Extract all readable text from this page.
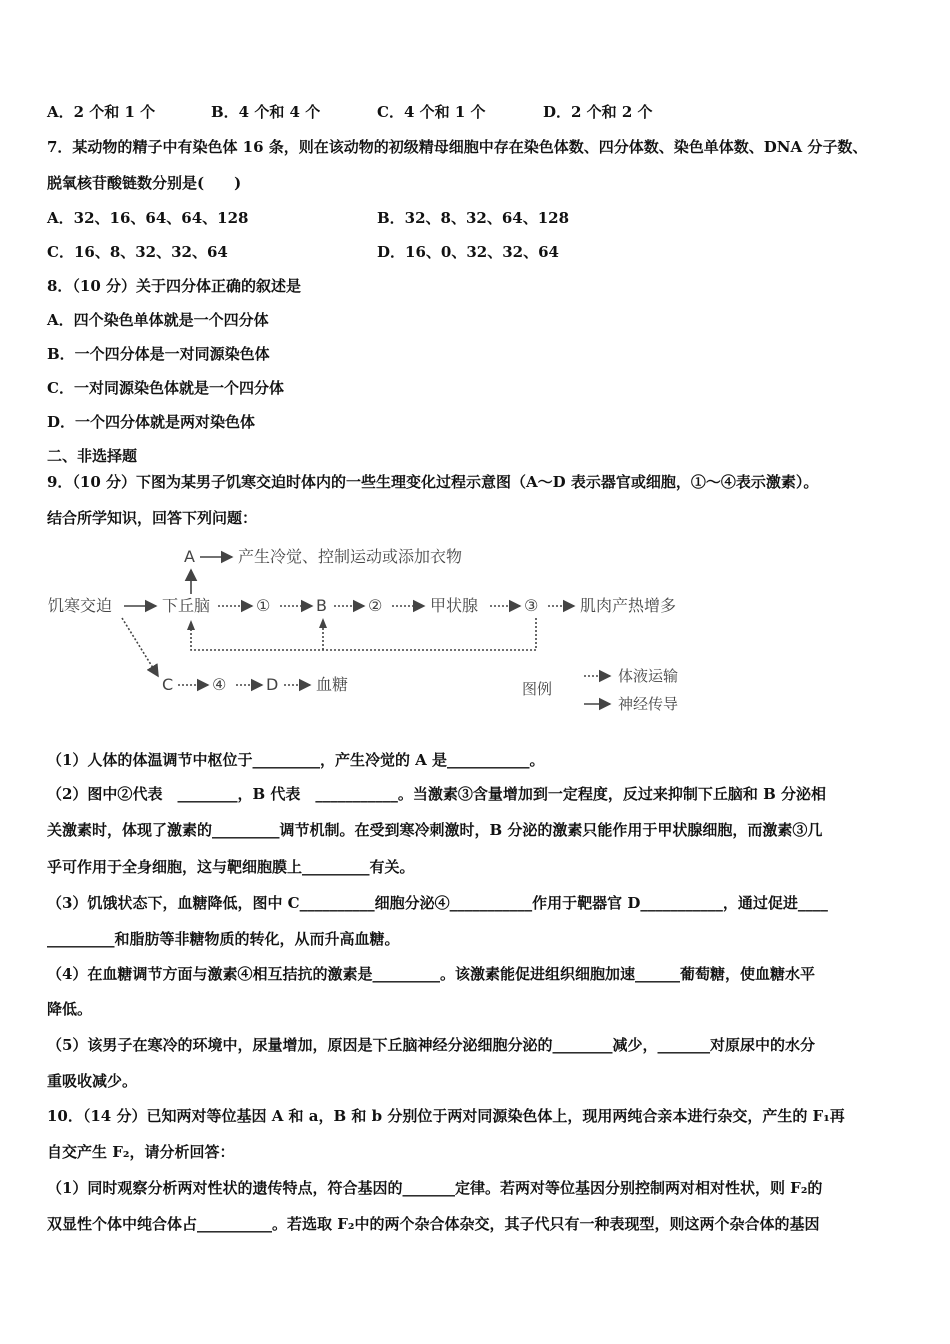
A．2 个和 1 个	B．4 个和 4 个	C．4 个和 1 个	D．2 个和 2 个
7．某动物的精子中有染色体 16 条，则在该动物的初级精母细胞中存在染色体数、四分体数、染色单体数、DNA 分子数、
脱氧核苷酸链数分别是(　　)
A．32、16、64、64、128	B．32、8、32、64、128
C．16、8、32、32、64	D．16、0、32、32、64
8．（10 分）关于四分体正确的叙述是
A．四个染色单体就是一个四分体
B．一个四分体是一对同源染色体
C．一对同源染色体就是一个四分体
D．一个四分体就是两对染色体
二、非选择题
9．（10 分）下图为某男子饥寒交迫时体内的一些生理变化过程示意图（A～D 表示器官或细胞，①～④表示激素）。
结合所学知识，回答下列问题：
A	产生冷觉、控制运动或添加衣物
饥寒交迫	下丘脑	①	B	②	甲状腺	③	肌肉产热增多
C ④ D 血糖	图例
体液运输
神经传导
（1）人体的体温调节中枢位于_________，产生冷觉的 A 是___________。
（2）图中②代表　________，B 代表　___________。当激素③含量增加到一定程度，反过来抑制下丘脑和 B 分泌相
关激素时，体现了激素的_________调节机制。在受到寒冷刺激时，B 分泌的激素只能作用于甲状腺细胞，而激素③几
乎可作用于全身细胞，这与靶细胞膜上_________有关。
（3）饥饿状态下，血糖降低，图中 C__________细胞分泌④___________作用于靶器官 D___________，通过促进____
_________和脂肪等非糖物质的转化，从而升高血糖。
（4）在血糖调节方面与激素④相互拮抗的激素是_________。该激素能促进组织细胞加速______葡萄糖，使血糖水平
降低。
（5）该男子在寒冷的环境中，尿量增加，原因是下丘脑神经分泌细胞分泌的________减少，_______对原尿中的水分
重吸收减少。
10．（14 分）已知两对等位基因 A 和 a，B 和 b 分别位于两对同源染色体上，现用两纯合亲本进行杂交，产生的 F₁再
自交产生 F₂，请分析回答：
（1）同时观察分析两对性状的遗传特点，符合基因的_______定律。若两对等位基因分别控制两对相对性状，则 F₂的
双显性个体中纯合体占__________。若选取 F₂中的两个杂合体杂交，其子代只有一种表现型，则这两个杂合体的基因
